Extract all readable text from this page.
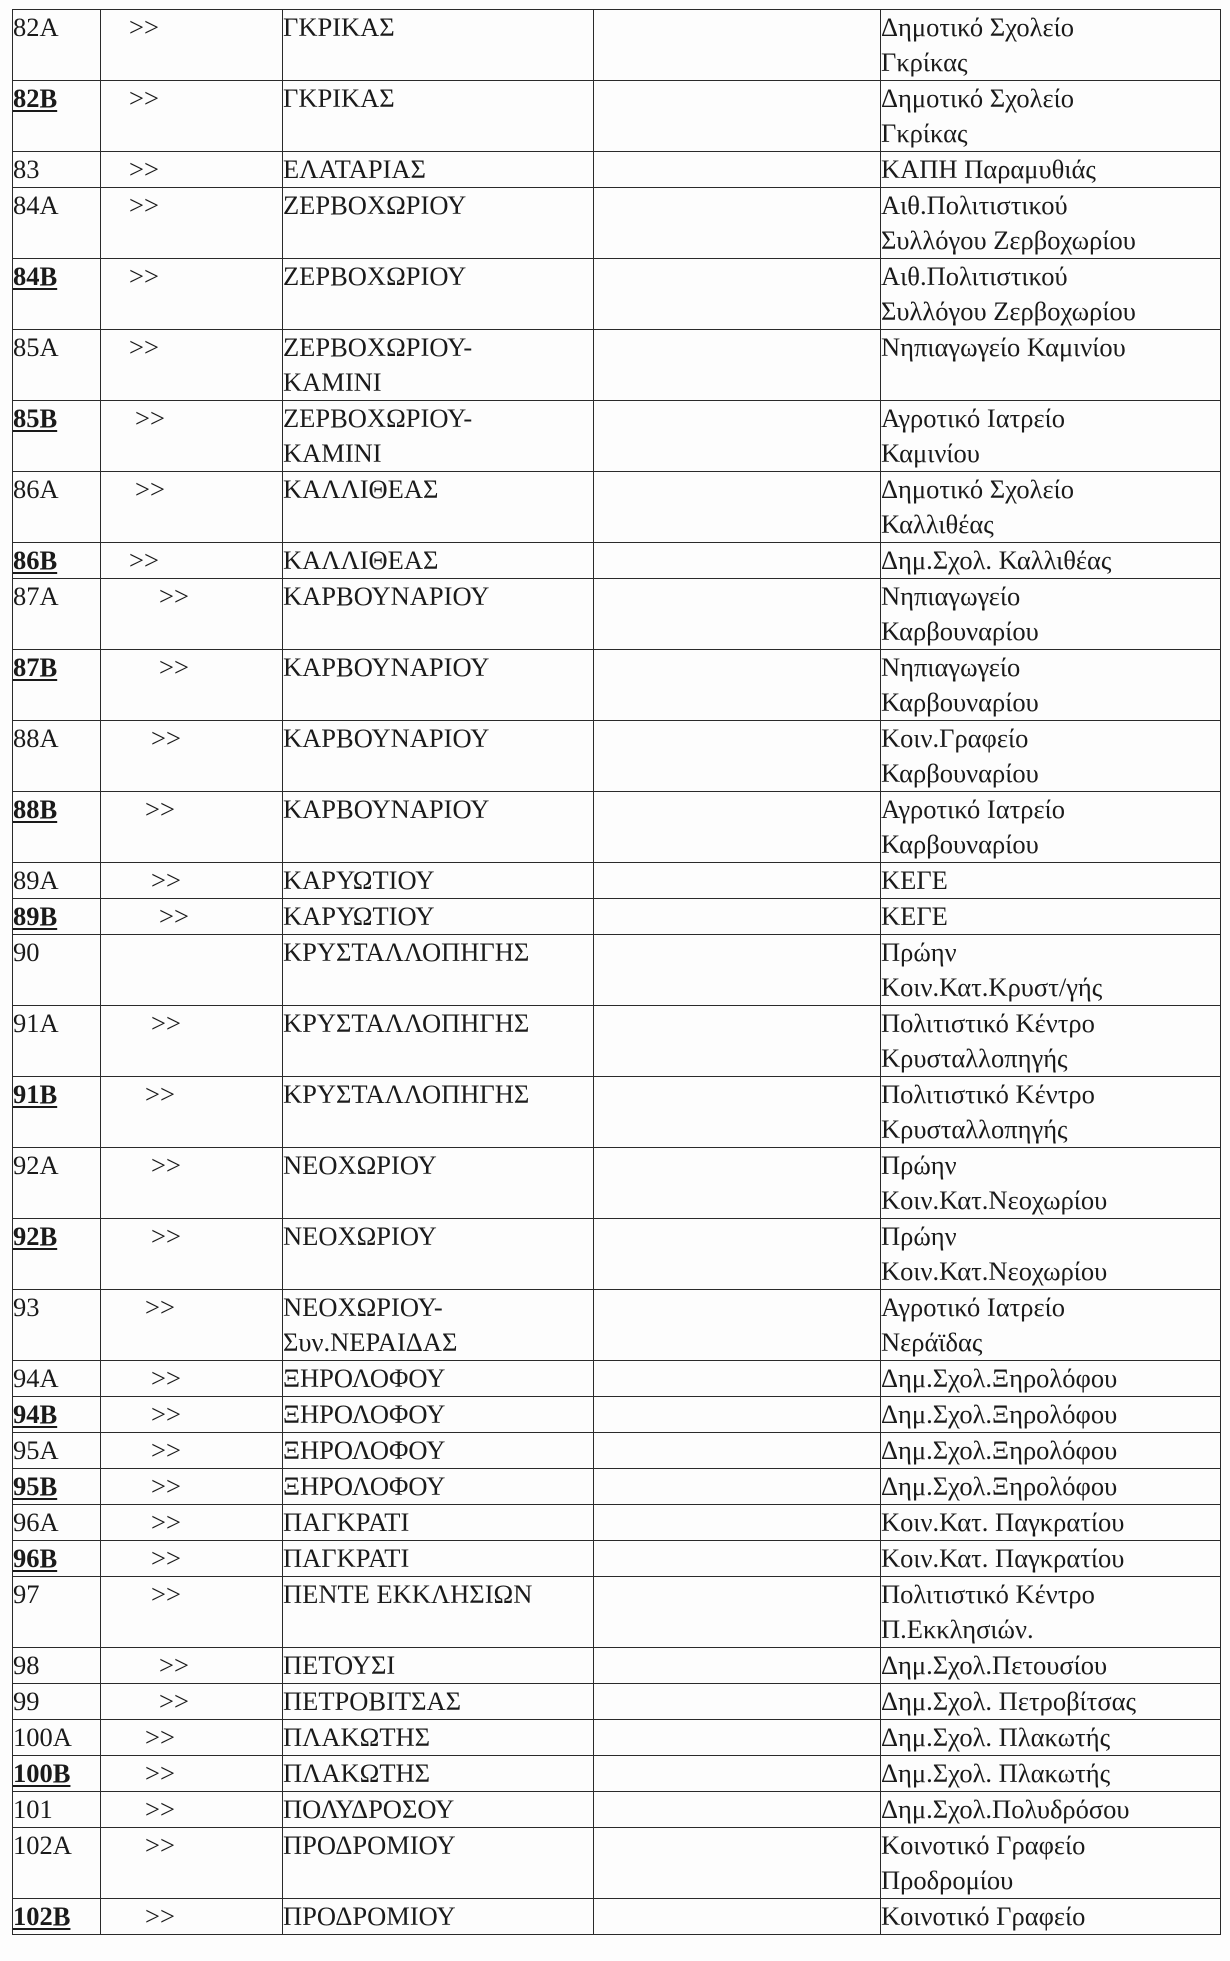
82Α	>>	ΓΚΡΙΚΑΣ		Δημοτικό Σχολείο
Γκρίκας

82Β	>>	ΓΚΡΙΚΑΣ		Δημοτικό Σχολείο
Γκρίκας

83	>>	ΕΛΑΤΑΡΙΑΣ		ΚΑΠΗ Παραμυθιάς

84Α	>>	ΖΕΡΒΟΧΩΡΙΟΥ		Αιθ.Πολιτιστικού
Συλλόγου Ζερβοχωρίου

84Β	>>	ΖΕΡΒΟΧΩΡΙΟΥ		Αιθ.Πολιτιστικού
Συλλόγου Ζερβοχωρίου

85Α	>>	ΖΕΡΒΟΧΩΡΙΟΥ-
ΚΑΜΙΝΙ		Νηπιαγωγείο Καμινίου

85Β	>>	ΖΕΡΒΟΧΩΡΙΟΥ-
ΚΑΜΙΝΙ		Αγροτικό Ιατρείο
Καμινίου

86Α	>>	ΚΑΛΛΙΘΕΑΣ		Δημοτικό Σχολείο
Καλλιθέας

86Β	>>	ΚΑΛΛΙΘΕΑΣ		Δημ.Σχολ. Καλλιθέας

87Α	>>	ΚΑΡΒΟΥΝΑΡΙΟΥ		Νηπιαγωγείο
Καρβουναρίου

87Β	>>	ΚΑΡΒΟΥΝΑΡΙΟΥ		Νηπιαγωγείο
Καρβουναρίου

88Α	>>	ΚΑΡΒΟΥΝΑΡΙΟΥ		Κοιν.Γραφείο
Καρβουναρίου

88Β	>>	ΚΑΡΒΟΥΝΑΡΙΟΥ		Αγροτικό Ιατρείο
Καρβουναρίου

89Α	>>	ΚΑΡΥΩΤΙΟΥ		ΚΕΓΕ

89Β	>>	ΚΑΡΥΩΤΙΟΥ		ΚΕΓΕ

90		ΚΡΥΣΤΑΛΛΟΠΗΓΗΣ		Πρώην
Κοιν.Κατ.Κρυστ/γής

91Α	>>	ΚΡΥΣΤΑΛΛΟΠΗΓΗΣ		Πολιτιστικό Κέντρο
Κρυσταλλοπηγής

91Β	>>	ΚΡΥΣΤΑΛΛΟΠΗΓΗΣ		Πολιτιστικό Κέντρο
Κρυσταλλοπηγής

92Α	>>	ΝΕΟΧΩΡΙΟΥ		Πρώην
Κοιν.Κατ.Νεοχωρίου

92Β	>>	ΝΕΟΧΩΡΙΟΥ		Πρώην
Κοιν.Κατ.Νεοχωρίου

93	>>	ΝΕΟΧΩΡΙΟΥ-
Συν.ΝΕΡΑΙΔΑΣ		Αγροτικό Ιατρείο
Νεράϊδας

94Α	>>	ΞΗΡΟΛΟΦΟΥ		Δημ.Σχολ.Ξηρολόφου

94Β	>>	ΞΗΡΟΛΟΦΟΥ		Δημ.Σχολ.Ξηρολόφου

95Α	>>	ΞΗΡΟΛΟΦΟΥ		Δημ.Σχολ.Ξηρολόφου

95Β	>>	ΞΗΡΟΛΟΦΟΥ		Δημ.Σχολ.Ξηρολόφου

96Α	>>	ΠΑΓΚΡΑΤΙ		Κοιν.Κατ. Παγκρατίου

96Β	>>	ΠΑΓΚΡΑΤΙ		Κοιν.Κατ. Παγκρατίου

97	>>	ΠΕΝΤΕ ΕΚΚΛΗΣΙΩΝ		Πολιτιστικό Κέντρο
Π.Εκκλησιών.

98	>>	ΠΕΤΟΥΣΙ		Δημ.Σχολ.Πετουσίου

99	>>	ΠΕΤΡΟΒΙΤΣΑΣ		Δημ.Σχολ. Πετροβίτσας

100Α	>>	ΠΛΑΚΩΤΗΣ		Δημ.Σχολ. Πλακωτής

100Β	>>	ΠΛΑΚΩΤΗΣ		Δημ.Σχολ. Πλακωτής

101	>>	ΠΟΛΥΔΡΟΣΟΥ		Δημ.Σχολ.Πολυδρόσου

102Α	>>	ΠΡΟΔΡΟΜΙΟΥ		Κοινοτικό Γραφείο
Προδρομίου

102Β	>>	ΠΡΟΔΡΟΜΙΟΥ		Κοινοτικό Γραφείο
